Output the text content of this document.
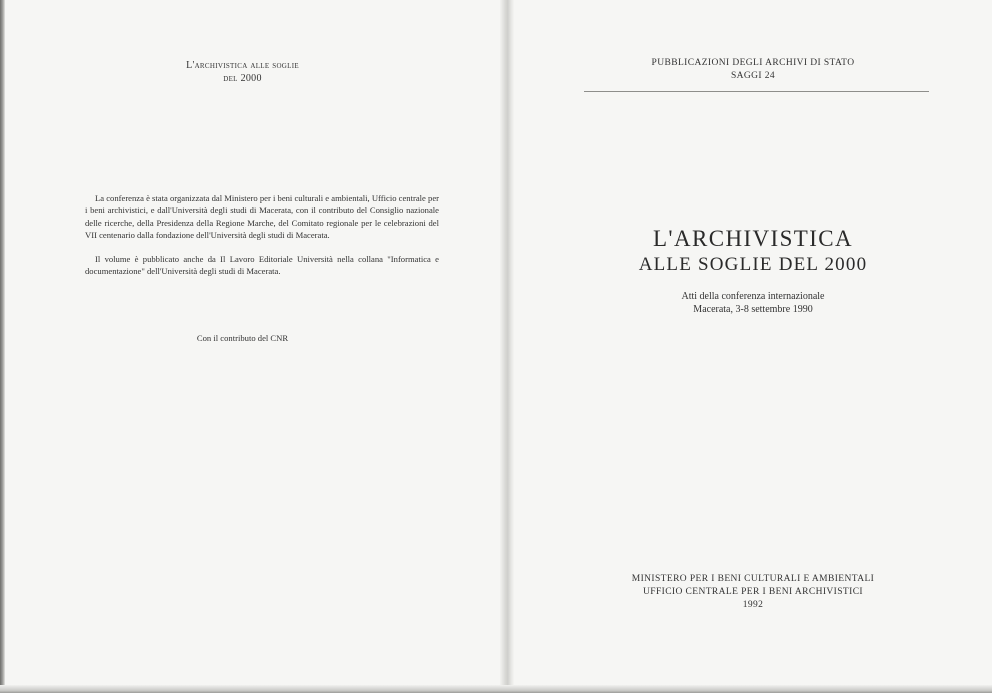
L'archivistica alle soglie
del 2000

La conferenza è stata organizzata dal Ministero per i beni culturali e ambientali, Ufficio centrale per i beni archivistici, e dall'Università degli studi di Macerata, con il contributo del Consiglio nazionale delle ricerche, della Presidenza della Regione Marche, del Comitato regionale per le celebrazioni del VII centenario dalla fondazione dell'Università degli studi di Macerata.

Il volume è pubblicato anche da Il Lavoro Editoriale Università nella collana "Informatica e documentazione" dell'Università degli studi di Macerata.

Con il contributo del CNR
PUBBLICAZIONI DEGLI ARCHIVI DI STATO
SAGGI 24
L'ARCHIVISTICA
ALLE SOGLIE DEL 2000
Atti della conferenza internazionale
Macerata, 3-8 settembre 1990
MINISTERO PER I BENI CULTURALI E AMBIENTALI
UFFICIO CENTRALE PER I BENI ARCHIVISTICI
1992
